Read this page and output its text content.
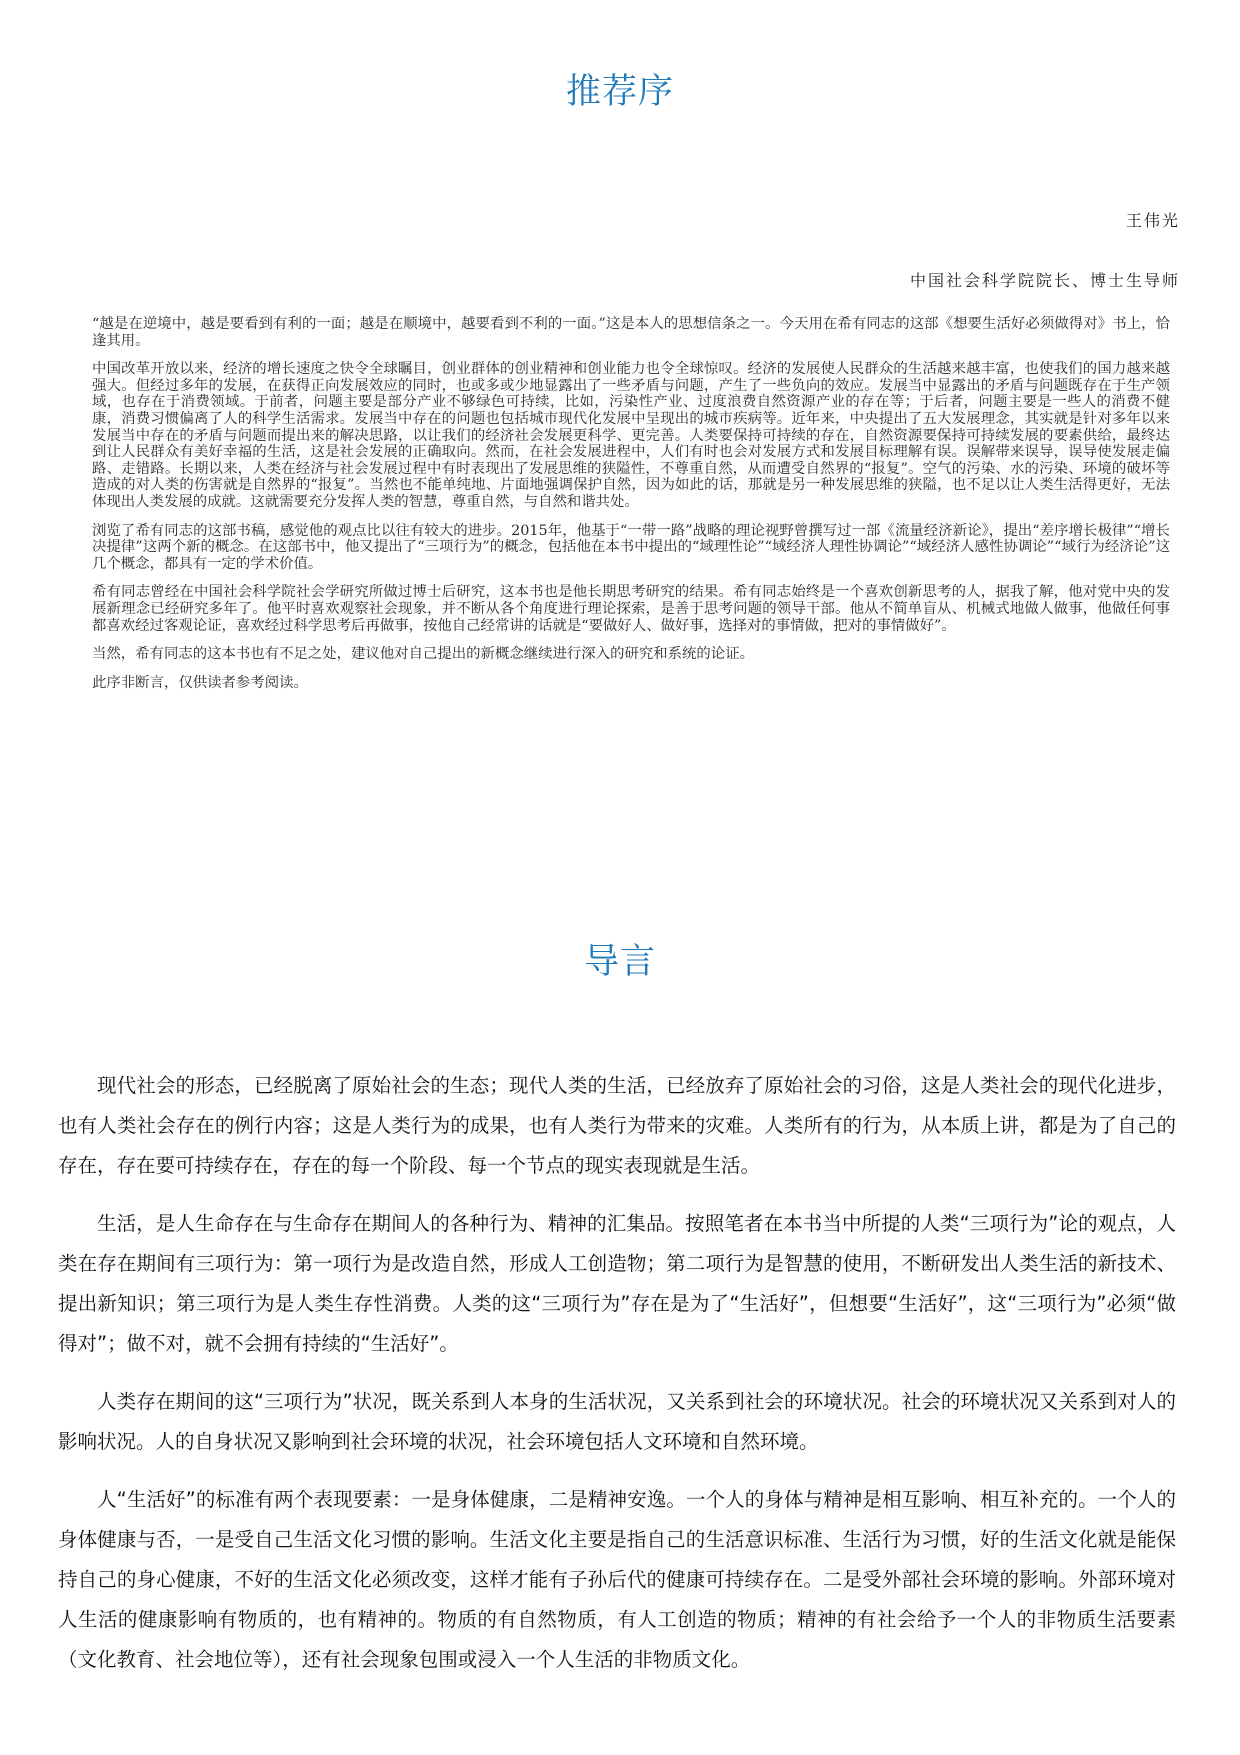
推荐序

王伟光

中国社会科学院院长、博士生导师

“越是在逆境中，越是要看到有利的一面；越是在顺境中，越要看到不利的一面。”这是本人的思想信条之一。今天用在希有同志的这部《想要生活好必须做得对》书上，恰逢其用。

中国改革开放以来，经济的增长速度之快令全球瞩目，创业群体的创业精神和创业能力也令全球惊叹。经济的发展使人民群众的生活越来越丰富，也使我们的国力越来越强大。但经过多年的发展，在获得正向发展效应的同时，也或多或少地显露出了一些矛盾与问题，产生了一些负向的效应。发展当中显露出的矛盾与问题既存在于生产领域，也存在于消费领域。于前者，问题主要是部分产业不够绿色可持续，比如，污染性产业、过度浪费自然资源产业的存在等；于后者，问题主要是一些人的消费不健康，消费习惯偏离了人的科学生活需求。发展当中存在的问题也包括城市现代化发展中呈现出的城市疾病等。近年来，中央提出了五大发展理念，其实就是针对多年以来发展当中存在的矛盾与问题而提出来的解决思路，以让我们的经济社会发展更科学、更完善。人类要保持可持续的存在，自然资源要保持可持续发展的要素供给，最终达到让人民群众有美好幸福的生活，这是社会发展的正确取向。然而，在社会发展进程中，人们有时也会对发展方式和发展目标理解有误。误解带来误导，误导使发展走偏路、走错路。长期以来，人类在经济与社会发展过程中有时表现出了发展思维的狭隘性，不尊重自然，从而遭受自然界的“报复”。空气的污染、水的污染、环境的破坏等造成的对人类的伤害就是自然界的“报复”。当然也不能单纯地、片面地强调保护自然，因为如此的话，那就是另一种发展思维的狭隘，也不足以让人类生活得更好，无法体现出人类发展的成就。这就需要充分发挥人类的智慧，尊重自然，与自然和谐共处。

浏览了希有同志的这部书稿，感觉他的观点比以往有较大的进步。2015年，他基于“一带一路”战略的理论视野曾撰写过一部《流量经济新论》，提出“差序增长极律”“增长决提律”这两个新的概念。在这部书中，他又提出了“三项行为”的概念，包括他在本书中提出的“域理性论”“域经济人理性协调论”“域经济人感性协调论”“域行为经济论”这几个概念，都具有一定的学术价值。

希有同志曾经在中国社会科学院社会学研究所做过博士后研究，这本书也是他长期思考研究的结果。希有同志始终是一个喜欢创新思考的人，据我了解，他对党中央的发展新理念已经研究多年了。他平时喜欢观察社会现象，并不断从各个角度进行理论探索，是善于思考问题的领导干部。他从不简单盲从、机械式地做人做事，他做任何事都喜欢经过客观论证，喜欢经过科学思考后再做事，按他自己经常讲的话就是“要做好人、做好事，选择对的事情做，把对的事情做好”。

当然，希有同志的这本书也有不足之处，建议他对自己提出的新概念继续进行深入的研究和系统的论证。

此序非断言，仅供读者参考阅读。

导言

现代社会的形态，已经脱离了原始社会的生态；现代人类的生活，已经放弃了原始社会的习俗，这是人类社会的现代化进步，也有人类社会存在的例行内容；这是人类行为的成果，也有人类行为带来的灾难。人类所有的行为，从本质上讲，都是为了自己的存在，存在要可持续存在，存在的每一个阶段、每一个节点的现实表现就是生活。

生活，是人生命存在与生命存在期间人的各种行为、精神的汇集品。按照笔者在本书当中所提的人类“三项行为”论的观点，人类在存在期间有三项行为：第一项行为是改造自然，形成人工创造物；第二项行为是智慧的使用，不断研发出人类生活的新技术、提出新知识；第三项行为是人类生存性消费。人类的这“三项行为”存在是为了“生活好”，但想要“生活好”，这“三项行为”必须“做得对”；做不对，就不会拥有持续的“生活好”。

人类存在期间的这“三项行为”状况，既关系到人本身的生活状况，又关系到社会的环境状况。社会的环境状况又关系到对人的影响状况。人的自身状况又影响到社会环境的状况，社会环境包括人文环境和自然环境。

人“生活好”的标准有两个表现要素：一是身体健康，二是精神安逸。一个人的身体与精神是相互影响、相互补充的。一个人的身体健康与否，一是受自己生活文化习惯的影响。生活文化主要是指自己的生活意识标准、生活行为习惯，好的生活文化就是能保持自己的身心健康，不好的生活文化必须改变，这样才能有子孙后代的健康可持续存在。二是受外部社会环境的影响。外部环境对人生活的健康影响有物质的，也有精神的。物质的有自然物质，有人工创造的物质；精神的有社会给予一个人的非物质生活要素（文化教育、社会地位等），还有社会现象包围或浸入一个人生活的非物质文化。
